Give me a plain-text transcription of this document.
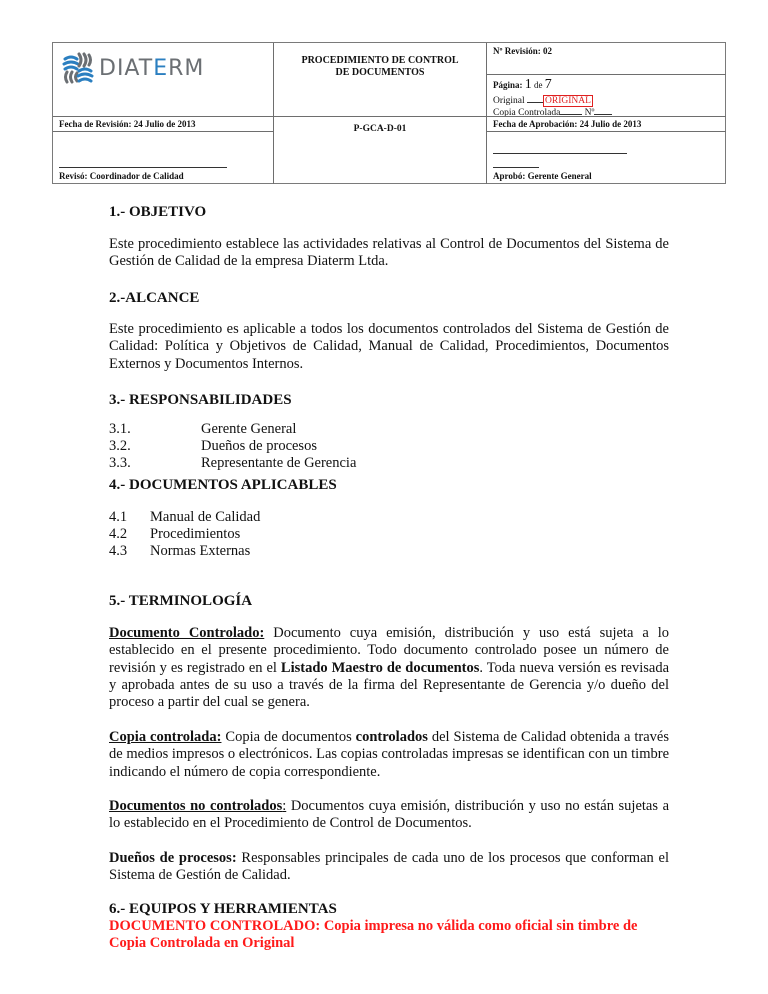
DIATERM
Fecha de Revisión: 24 Julio de 2013
Revisó: Coordinador de Calidad
PROCEDIMIENTO DE CONTROL
DE DOCUMENTOS
P-GCA-D-01
Nº Revisión: 02
Página: 1 de 7
Original ORIGINAL
Copia Controlada	Nº
Fecha de Aprobación: 24 Julio de 2013
Aprobó: Gerente General
1.- OBJETIVO
Este procedimiento establece las actividades relativas al Control de Documentos del Sistema de Gestión de Calidad de la empresa Diaterm Ltda.
2.-ALCANCE
Este procedimiento es aplicable a todos los documentos controlados del Sistema de Gestión de Calidad: Política y Objetivos de Calidad, Manual de Calidad, Procedimientos, Documentos Externos y Documentos Internos.
3.- RESPONSABILIDADES
3.1.	Gerente General
3.2.	Dueños de procesos
3.3.	Representante de Gerencia
4.- DOCUMENTOS APLICABLES
4.1 Manual de Calidad
4.2 Procedimientos
4.3 Normas Externas
5.- TERMINOLOGÍA
Documento Controlado: Documento cuya emisión, distribución y uso está sujeta a lo establecido en el presente procedimiento. Todo documento controlado posee un número de revisión y es registrado en el Listado Maestro de documentos. Toda nueva versión es revisada y aprobada antes de su uso a través de la firma del Representante de Gerencia y/o dueño del proceso a partir del cual se genera.
Copia controlada: Copia de documentos controlados del Sistema de Calidad obtenida a través de medios impresos o electrónicos. Las copias controladas impresas se identifican con un timbre indicando el número de copia correspondiente.
Documentos no controlados: Documentos cuya emisión, distribución y uso no están sujetas a lo establecido en el Procedimiento de Control de Documentos.
Dueños de procesos: Responsables principales de cada uno de los procesos que conforman el Sistema de Gestión de Calidad.
6.- EQUIPOS Y HERRAMIENTAS
DOCUMENTO CONTROLADO: Copia impresa no válida como oficial sin timbre de Copia Controlada en Original
